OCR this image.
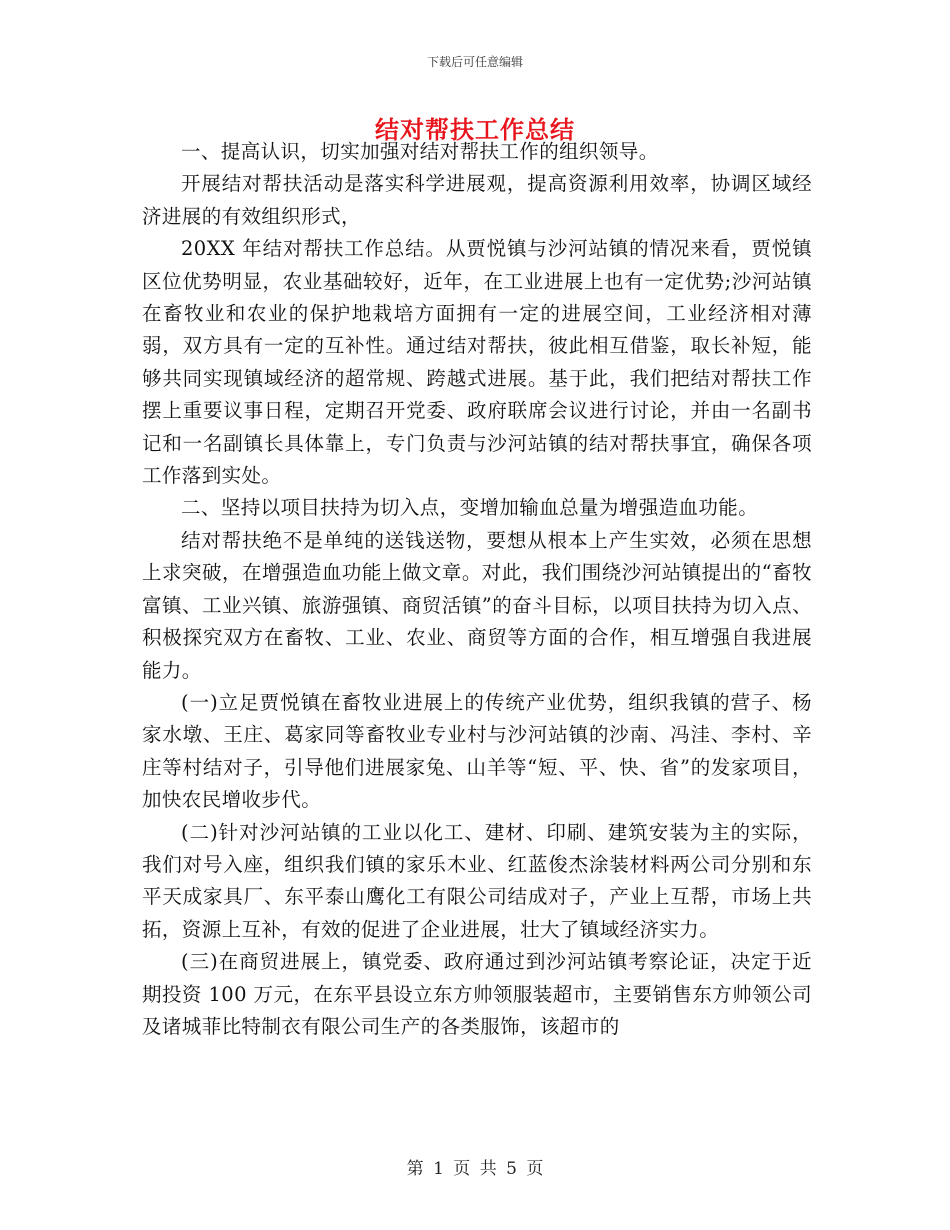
下载后可任意编辑
结对帮扶工作总结

一、提高认识，切实加强对结对帮扶工作的组织领导。

开展结对帮扶活动是落实科学进展观，提高资源利用效率，协调区域经济进展的有效组织形式，

20XX 年结对帮扶工作总结。从贾悦镇与沙河站镇的情况来看，贾悦镇区位优势明显，农业基础较好，近年，在工业进展上也有一定优势;沙河站镇在畜牧业和农业的保护地栽培方面拥有一定的进展空间，工业经济相对薄弱，双方具有一定的互补性。通过结对帮扶，彼此相互借鉴，取长补短，能够共同实现镇域经济的超常规、跨越式进展。基于此，我们把结对帮扶工作摆上重要议事日程，定期召开党委、政府联席会议进行讨论，并由一名副书记和一名副镇长具体靠上，专门负责与沙河站镇的结对帮扶事宜，确保各项工作落到实处。

二、坚持以项目扶持为切入点，变增加输血总量为增强造血功能。

结对帮扶绝不是单纯的送钱送物，要想从根本上产生实效，必须在思想上求突破，在增强造血功能上做文章。对此，我们围绕沙河站镇提出的“畜牧富镇、工业兴镇、旅游强镇、商贸活镇”的奋斗目标，以项目扶持为切入点、积极探究双方在畜牧、工业、农业、商贸等方面的合作，相互增强自我进展能力。

(一)立足贾悦镇在畜牧业进展上的传统产业优势，组织我镇的营子、杨家水墩、王庄、葛家同等畜牧业专业村与沙河站镇的沙南、冯洼、李村、辛庄等村结对子，引导他们进展家兔、山羊等“短、平、快、省”的发家项目，加快农民增收步代。

(二)针对沙河站镇的工业以化工、建材、印刷、建筑安装为主的实际，我们对号入座，组织我们镇的家乐木业、红蓝俊杰涂装材料两公司分别和东平天成家具厂、东平泰山鹰化工有限公司结成对子，产业上互帮，市场上共拓，资源上互补，有效的促进了企业进展，壮大了镇域经济实力。

(三)在商贸进展上，镇党委、政府通过到沙河站镇考察论证，决定于近期投资 100 万元，在东平县设立东方帅领服装超市，主要销售东方帅领公司及诸城菲比特制衣有限公司生产的各类服饰，该超市的

第 1 页 共 5 页
